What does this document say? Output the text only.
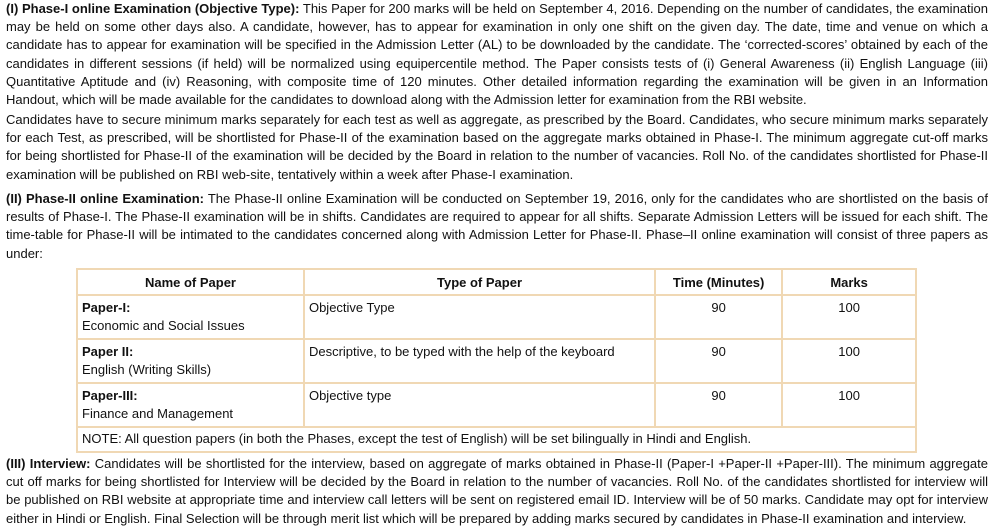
(I) Phase-I online Examination (Objective Type): This Paper for 200 marks will be held on September 4, 2016. Depending on the number of candidates, the examination may be held on some other days also. A candidate, however, has to appear for examination in only one shift on the given day. The date, time and venue on which a candidate has to appear for examination will be specified in the Admission Letter (AL) to be downloaded by the candidate. The ‘corrected-scores’ obtained by each of the candidates in different sessions (if held) will be normalized using equipercentile method. The Paper consists tests of (i) General Awareness (ii) English Language (iii) Quantitative Aptitude and (iv) Reasoning, with composite time of 120 minutes. Other detailed information regarding the examination will be given in an Information Handout, which will be made available for the candidates to download along with the Admission letter for examination from the RBI website.

Candidates have to secure minimum marks separately for each test as well as aggregate, as prescribed by the Board. Candidates, who secure minimum marks separately for each Test, as prescribed, will be shortlisted for Phase-II of the examination based on the aggregate marks obtained in Phase-I. The minimum aggregate cut-off marks for being shortlisted for Phase-II of the examination will be decided by the Board in relation to the number of vacancies. Roll No. of the candidates shortlisted for Phase-II examination will be published on RBI web-site, tentatively within a week after Phase-I examination.

(II) Phase-II online Examination: The Phase-II online Examination will be conducted on September 19, 2016, only for the candidates who are shortlisted on the basis of results of Phase-I. The Phase-II examination will be in shifts. Candidates are required to appear for all shifts. Separate Admission Letters will be issued for each shift. The time-table for Phase-II will be intimated to the candidates concerned along with Admission Letter for Phase-II. Phase–II online examination will consist of three papers as under:

Name of Paper	Type of Paper	Time (Minutes)	Marks

Paper-I:
Economic and Social Issues	Objective Type	90	100

Paper II:
English (Writing Skills)	Descriptive, to be typed with the help of the keyboard	90	100

Paper-III:
Finance and Management	Objective type	90	100
NOTE: All question papers (in both the Phases, except the test of English) will be set bilingually in Hindi and English.			

(III) Interview: Candidates will be shortlisted for the interview, based on aggregate of marks obtained in Phase-II (Paper-I +Paper-II +Paper-III). The minimum aggregate cut off marks for being shortlisted for Interview will be decided by the Board in relation to the number of vacancies. Roll No. of the candidates shortlisted for interview will be published on RBI website at appropriate time and interview call letters will be sent on registered email ID. Interview will be of 50 marks. Candidate may opt for interview either in Hindi or English. Final Selection will be through merit list which will be prepared by adding marks secured by candidates in Phase-II examination and interview.
